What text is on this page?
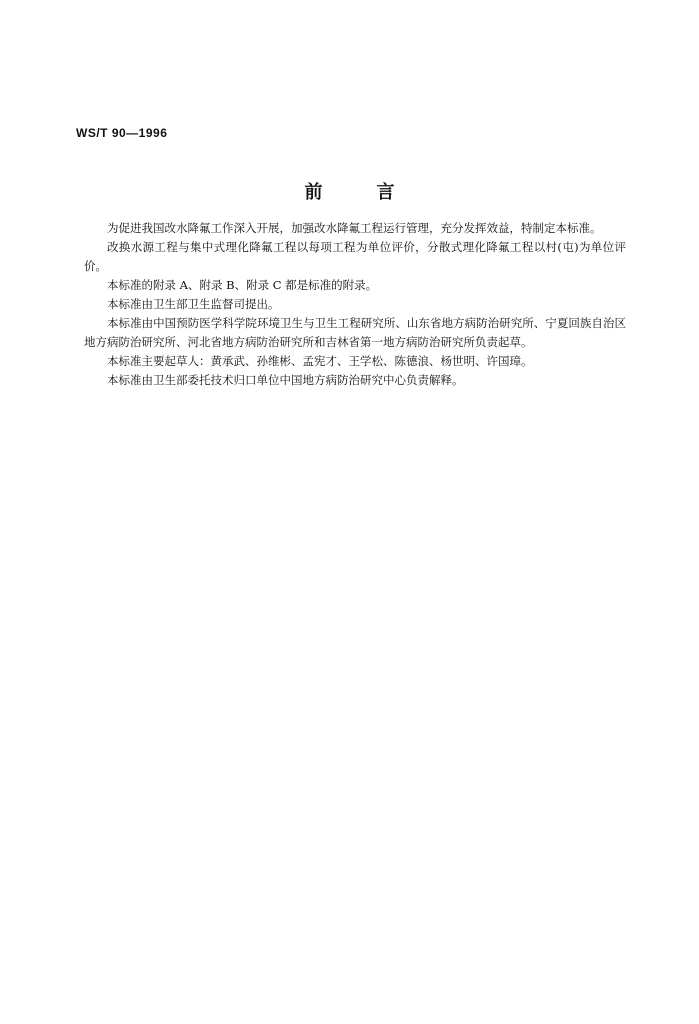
WS/T 90—1996
前言

为促进我国改水降氟工作深入开展，加强改水降氟工程运行管理，充分发挥效益，特制定本标准。

改换水源工程与集中式理化降氟工程以每项工程为单位评价，分散式理化降氟工程以村(屯)为单位评价。

本标准的附录 A、附录 B、附录 C 都是标准的附录。

本标准由卫生部卫生监督司提出。

本标准由中国预防医学科学院环境卫生与卫生工程研究所、山东省地方病防治研究所、宁夏回族自治区地方病防治研究所、河北省地方病防治研究所和吉林省第一地方病防治研究所负责起草。

本标准主要起草人：黄承武、孙维彬、孟宪才、王学松、陈德浪、杨世明、许国璋。

本标准由卫生部委托技术归口单位中国地方病防治研究中心负责解释。
